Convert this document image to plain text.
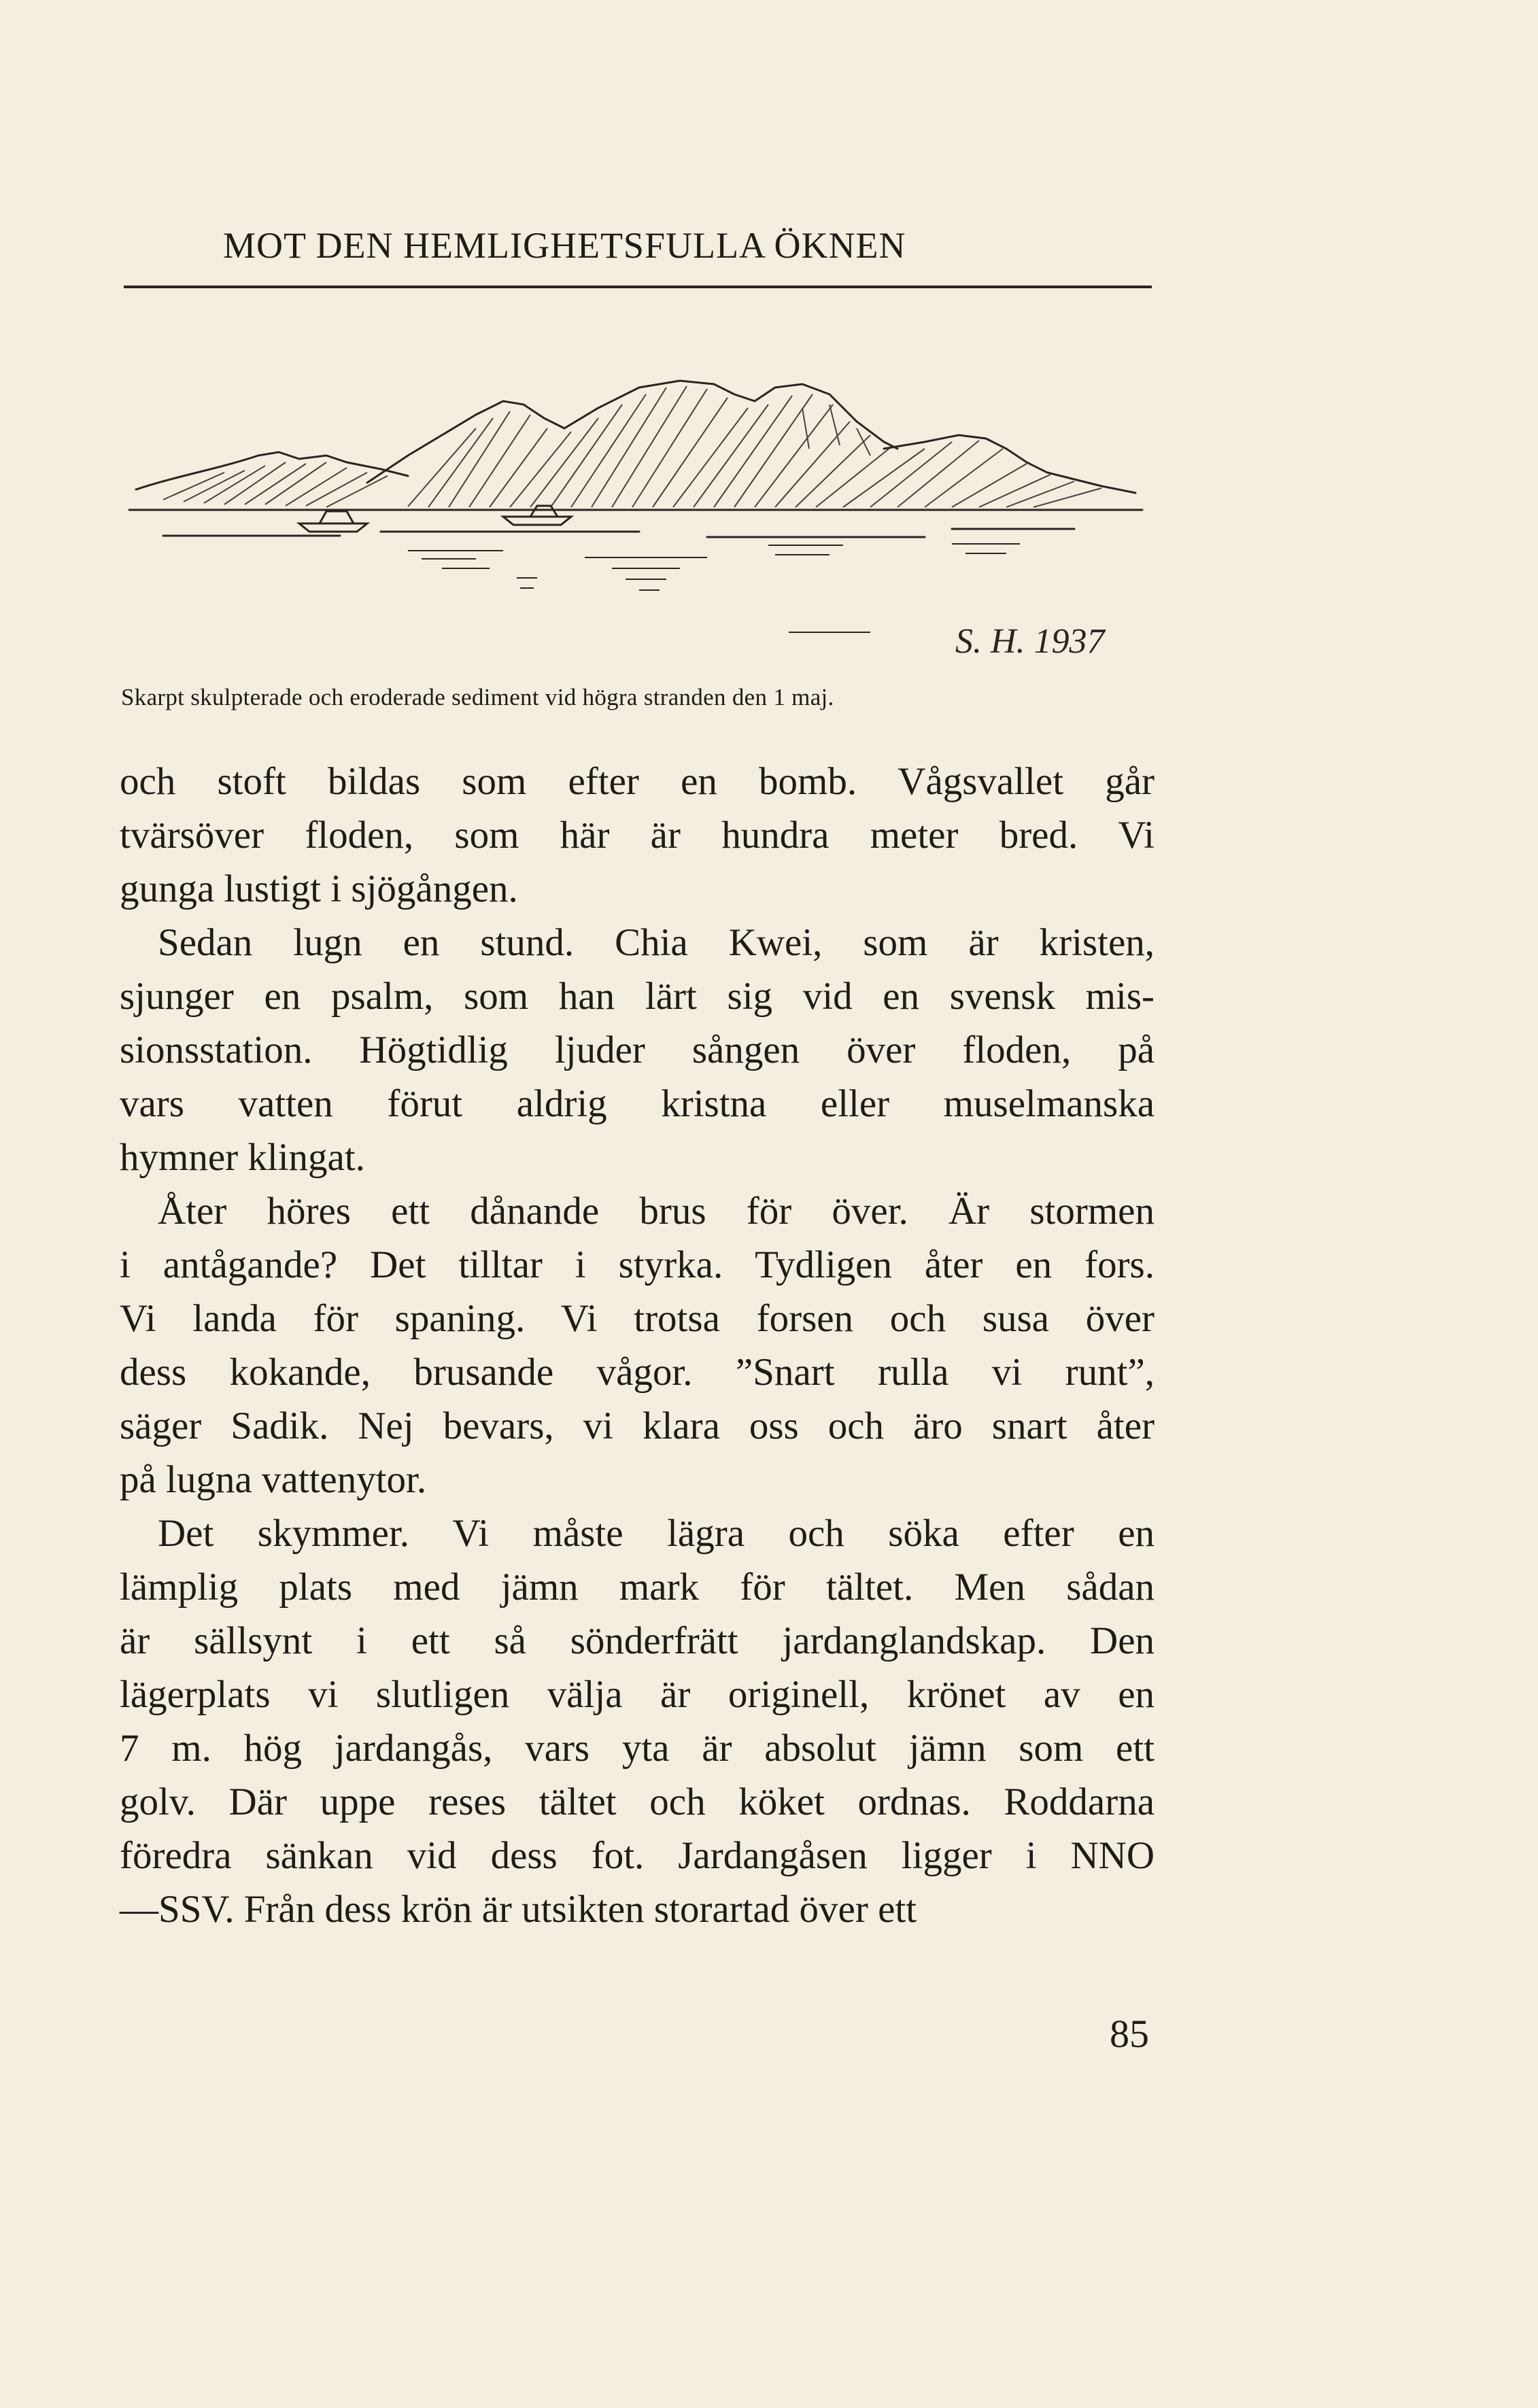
MOT DEN HEMLIGHETSFULLA ÖKNEN
S. H. 1937
Skarpt skulpterade och eroderade sediment vid högra stranden den 1 maj.
och stoft bildas som efter en bomb. Vågsvallet går
tvärsöver floden, som här är hundra meter bred. Vi
gunga lustigt i sjögången.
Sedan lugn en stund. Chia Kwei, som är kristen,
sjunger en psalm, som han lärt sig vid en svensk mis-
sionsstation. Högtidlig ljuder sången över floden, på
vars vatten förut aldrig kristna eller muselmanska
hymner klingat.
Åter höres ett dånande brus för över. Är stormen
i antågande? Det tilltar i styrka. Tydligen åter en fors.
Vi landa för spaning. Vi trotsa forsen och susa över
dess kokande, brusande vågor. ”Snart rulla vi runt”,
säger Sadik. Nej bevars, vi klara oss och äro snart åter
på lugna vattenytor.
Det skymmer. Vi måste lägra och söka efter en
lämplig plats med jämn mark för tältet. Men sådan
är sällsynt i ett så sönderfrätt jardanglandskap. Den
lägerplats vi slutligen välja är originell, krönet av en
7 m. hög jardangås, vars yta är absolut jämn som ett
golv. Där uppe reses tältet och köket ordnas. Roddarna
föredra sänkan vid dess fot. Jardangåsen ligger i NNO
—SSV. Från dess krön är utsikten storartad över ett
85
